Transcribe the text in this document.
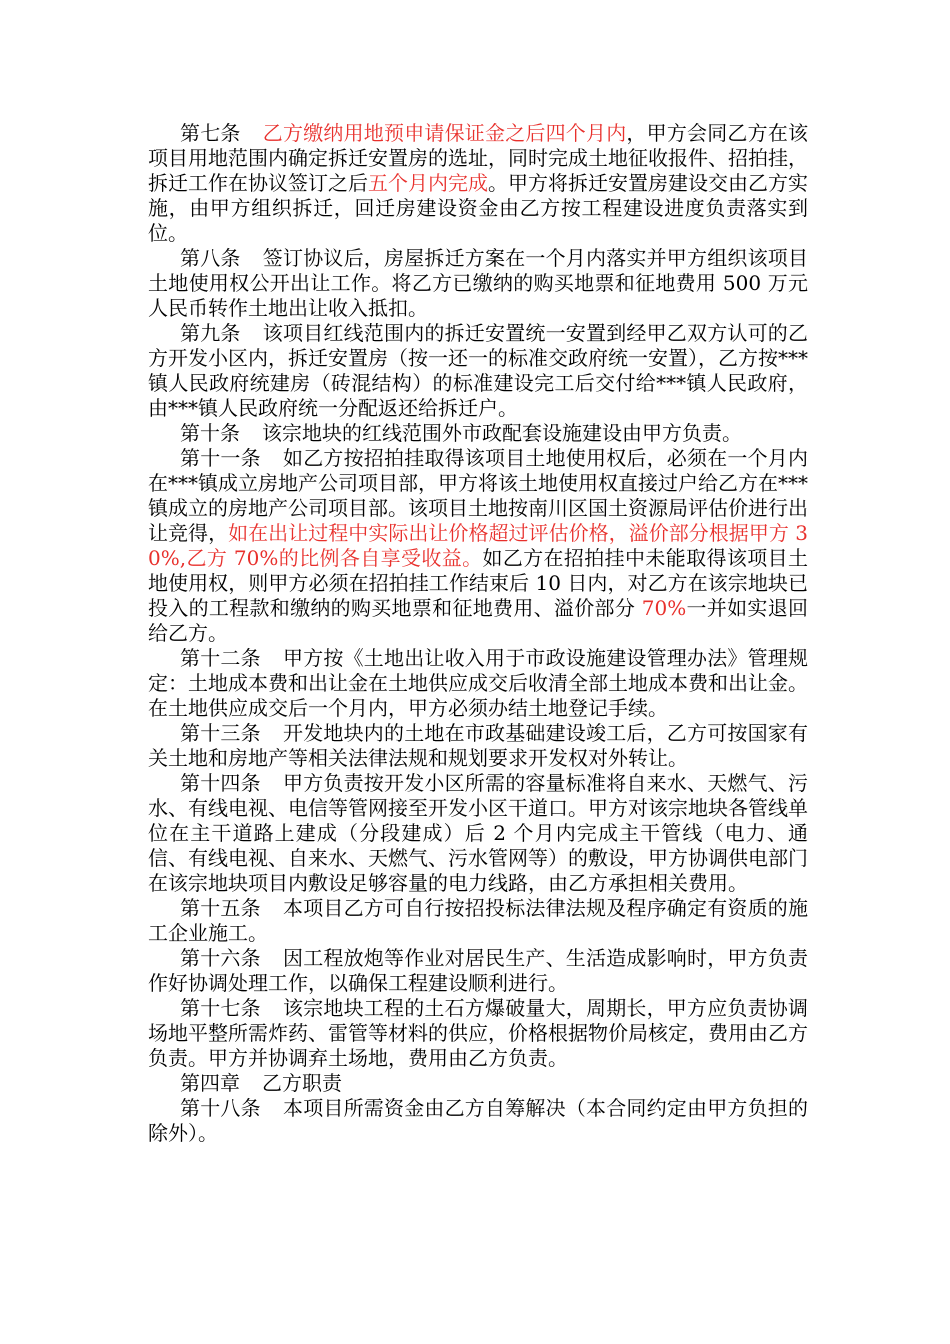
第七条 乙方缴纳用地预申请保证金之后四个月内，甲方会同乙方在该项目用地范围内确定拆迁安置房的选址，同时完成土地征收报件、招拍挂，拆迁工作在协议签订之后五个月内完成。甲方将拆迁安置房建设交由乙方实施，由甲方组织拆迁，回迁房建设资金由乙方按工程建设进度负责落实到位。

第八条 签订协议后，房屋拆迁方案在一个月内落实并甲方组织该项目土地使用权公开出让工作。将乙方已缴纳的购买地票和征地费用 500 万元人民币转作土地出让收入抵扣。

第九条 该项目红线范围内的拆迁安置统一安置到经甲乙双方认可的乙方开发小区内，拆迁安置房（按一还一的标准交政府统一安置），乙方按***镇人民政府统建房（砖混结构）的标准建设完工后交付给***镇人民政府，由***镇人民政府统一分配返还给拆迁户。

第十条 该宗地块的红线范围外市政配套设施建设由甲方负责。

第十一条 如乙方按招拍挂取得该项目土地使用权后，必须在一个月内在***镇成立房地产公司项目部，甲方将该土地使用权直接过户给乙方在***镇成立的房地产公司项目部。该项目土地按南川区国土资源局评估价进行出让竞得，如在出让过程中实际出让价格超过评估价格，溢价部分根据甲方 30%,乙方 70%的比例各自享受收益。如乙方在招拍挂中未能取得该项目土地使用权，则甲方必须在招拍挂工作结束后 10 日内，对乙方在该宗地块已投入的工程款和缴纳的购买地票和征地费用、溢价部分 70%一并如实退回给乙方。

第十二条 甲方按《土地出让收入用于市政设施建设管理办法》管理规定：土地成本费和出让金在土地供应成交后收清全部土地成本费和出让金。在土地供应成交后一个月内，甲方必须办结土地登记手续。

第十三条 开发地块内的土地在市政基础建设竣工后，乙方可按国家有关土地和房地产等相关法律法规和规划要求开发权对外转让。

第十四条 甲方负责按开发小区所需的容量标准将自来水、天燃气、污水、有线电视、电信等管网接至开发小区干道口。甲方对该宗地块各管线单位在主干道路上建成（分段建成）后 2 个月内完成主干管线（电力、通信、有线电视、自来水、天燃气、污水管网等）的敷设，甲方协调供电部门在该宗地块项目内敷设足够容量的电力线路，由乙方承担相关费用。

第十五条 本项目乙方可自行按招投标法律法规及程序确定有资质的施工企业施工。

第十六条 因工程放炮等作业对居民生产、生活造成影响时，甲方负责作好协调处理工作，以确保工程建设顺利进行。

第十七条 该宗地块工程的土石方爆破量大，周期长，甲方应负责协调场地平整所需炸药、雷管等材料的供应，价格根据物价局核定，费用由乙方负责。甲方并协调弃土场地，费用由乙方负责。

第四章 乙方职责

第十八条 本项目所需资金由乙方自筹解决（本合同约定由甲方负担的除外）。
